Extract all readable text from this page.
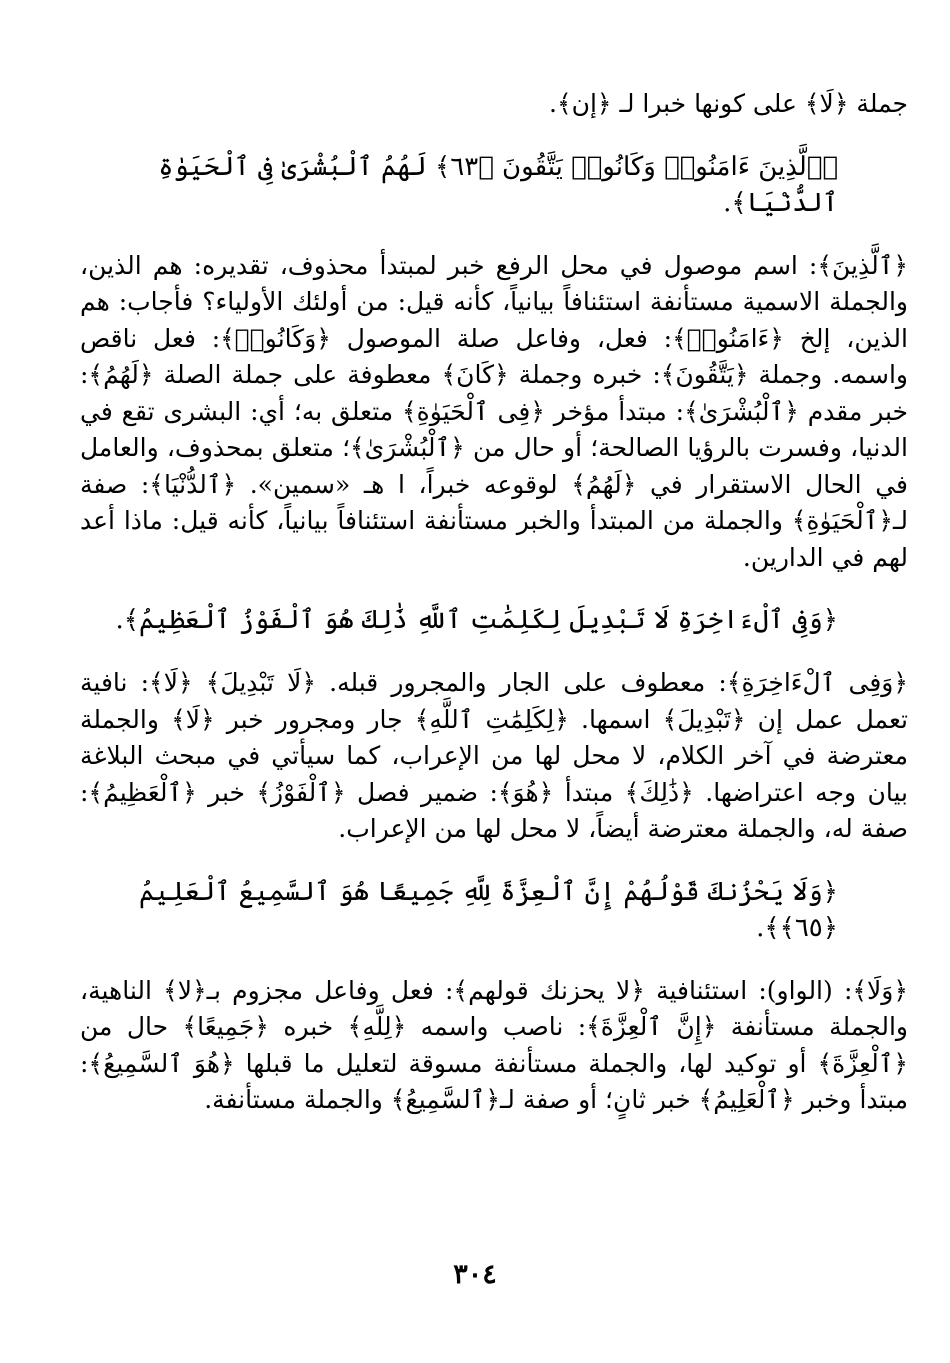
جملة ﴿لَا﴾ على كونها خبرا لـ ﴿إن﴾.

﴿ٱلَّذِينَ ءَامَنُوا۟ وَكَانُوا۟ يَتَّقُونَ ﴿٦٣﴾ لَهُمُ ٱلْبُشْرَىٰ فِى ٱلْحَيَوٰةِ ٱلدُّنْيَا﴾.

﴿ٱلَّذِينَ﴾: اسم موصول في محل الرفع خبر لمبتدأ محذوف، تقديره: هم الذين، والجملة الاسمية مستأنفة استئنافاً بيانياً، كأنه قيل: من أولئك الأولياء؟ فأجاب: هم الذين، إلخ ﴿ءَامَنُوا۟﴾: فعل، وفاعل صلة الموصول ﴿وَكَانُوا۟﴾: فعل ناقص واسمه. وجملة ﴿يَتَّقُونَ﴾: خبره وجملة ﴿كَانَ﴾ معطوفة على جملة الصلة ﴿لَهُمُ﴾: خبر مقدم ﴿ٱلْبُشْرَىٰ﴾: مبتدأ مؤخر ﴿فِى ٱلْحَيَوٰةِ﴾ متعلق به؛ أي: البشرى تقع في الدنيا، وفسرت بالرؤيا الصالحة؛ أو حال من ﴿ٱلْبُشْرَىٰ﴾؛ متعلق بمحذوف، والعامل في الحال الاستقرار في ﴿لَهُمُ﴾ لوقوعه خبراً، ا هـ «سمين». ﴿ٱلدُّنْيَا﴾: صفة لـ﴿ٱلْحَيَوٰةِ﴾ والجملة من المبتدأ والخبر مستأنفة استئنافاً بيانياً، كأنه قيل: ماذا أعد لهم في الدارين.

﴿وَفِى ٱلْءَاخِرَةِ لَا تَبْدِيلَ لِكَلِمَٰتِ ٱللَّهِ ذَٰلِكَ هُوَ ٱلْفَوْزُ ٱلْعَظِيمُ﴾.

﴿وَفِى ٱلْءَاخِرَةِ﴾: معطوف على الجار والمجرور قبله. ﴿لَا تَبْدِيلَ﴾ ﴿لَا﴾: نافية تعمل عمل إن ﴿تَبْدِيلَ﴾ اسمها. ﴿لِكَلِمَٰتِ ٱللَّهِ﴾ جار ومجرور خبر ﴿لَا﴾ والجملة معترضة في آخر الكلام، لا محل لها من الإعراب، كما سيأتي في مبحث البلاغة بيان وجه اعتراضها. ﴿ذَٰلِكَ﴾ مبتدأ ﴿هُوَ﴾: ضمير فصل ﴿ٱلْفَوْزُ﴾ خبر ﴿ٱلْعَظِيمُ﴾: صفة له، والجملة معترضة أيضاً، لا محل لها من الإعراب.

﴿وَلَا يَحْزُنكَ قَوْلُهُمْ إِنَّ ٱلْعِزَّةَ لِلَّهِ جَمِيعًا هُوَ ٱلسَّمِيعُ ٱلْعَلِيمُ ﴿٦٥﴾﴾.

﴿وَلَا﴾: (الواو): استئنافية ﴿لا يحزنك قولهم﴾: فعل وفاعل مجزوم بـ﴿لا﴾ الناهية، والجملة مستأنفة ﴿إِنَّ ٱلْعِزَّةَ﴾: ناصب واسمه ﴿لِلَّهِ﴾ خبره ﴿جَمِيعًا﴾ حال من ﴿ٱلْعِزَّةَ﴾ أو توكيد لها، والجملة مستأنفة مسوقة لتعليل ما قبلها ﴿هُوَ ٱلسَّمِيعُ﴾: مبتدأ وخبر ﴿ٱلْعَلِيمُ﴾ خبر ثانٍ؛ أو صفة لـ﴿ٱلسَّمِيعُ﴾ والجملة مستأنفة.

٣٠٤
